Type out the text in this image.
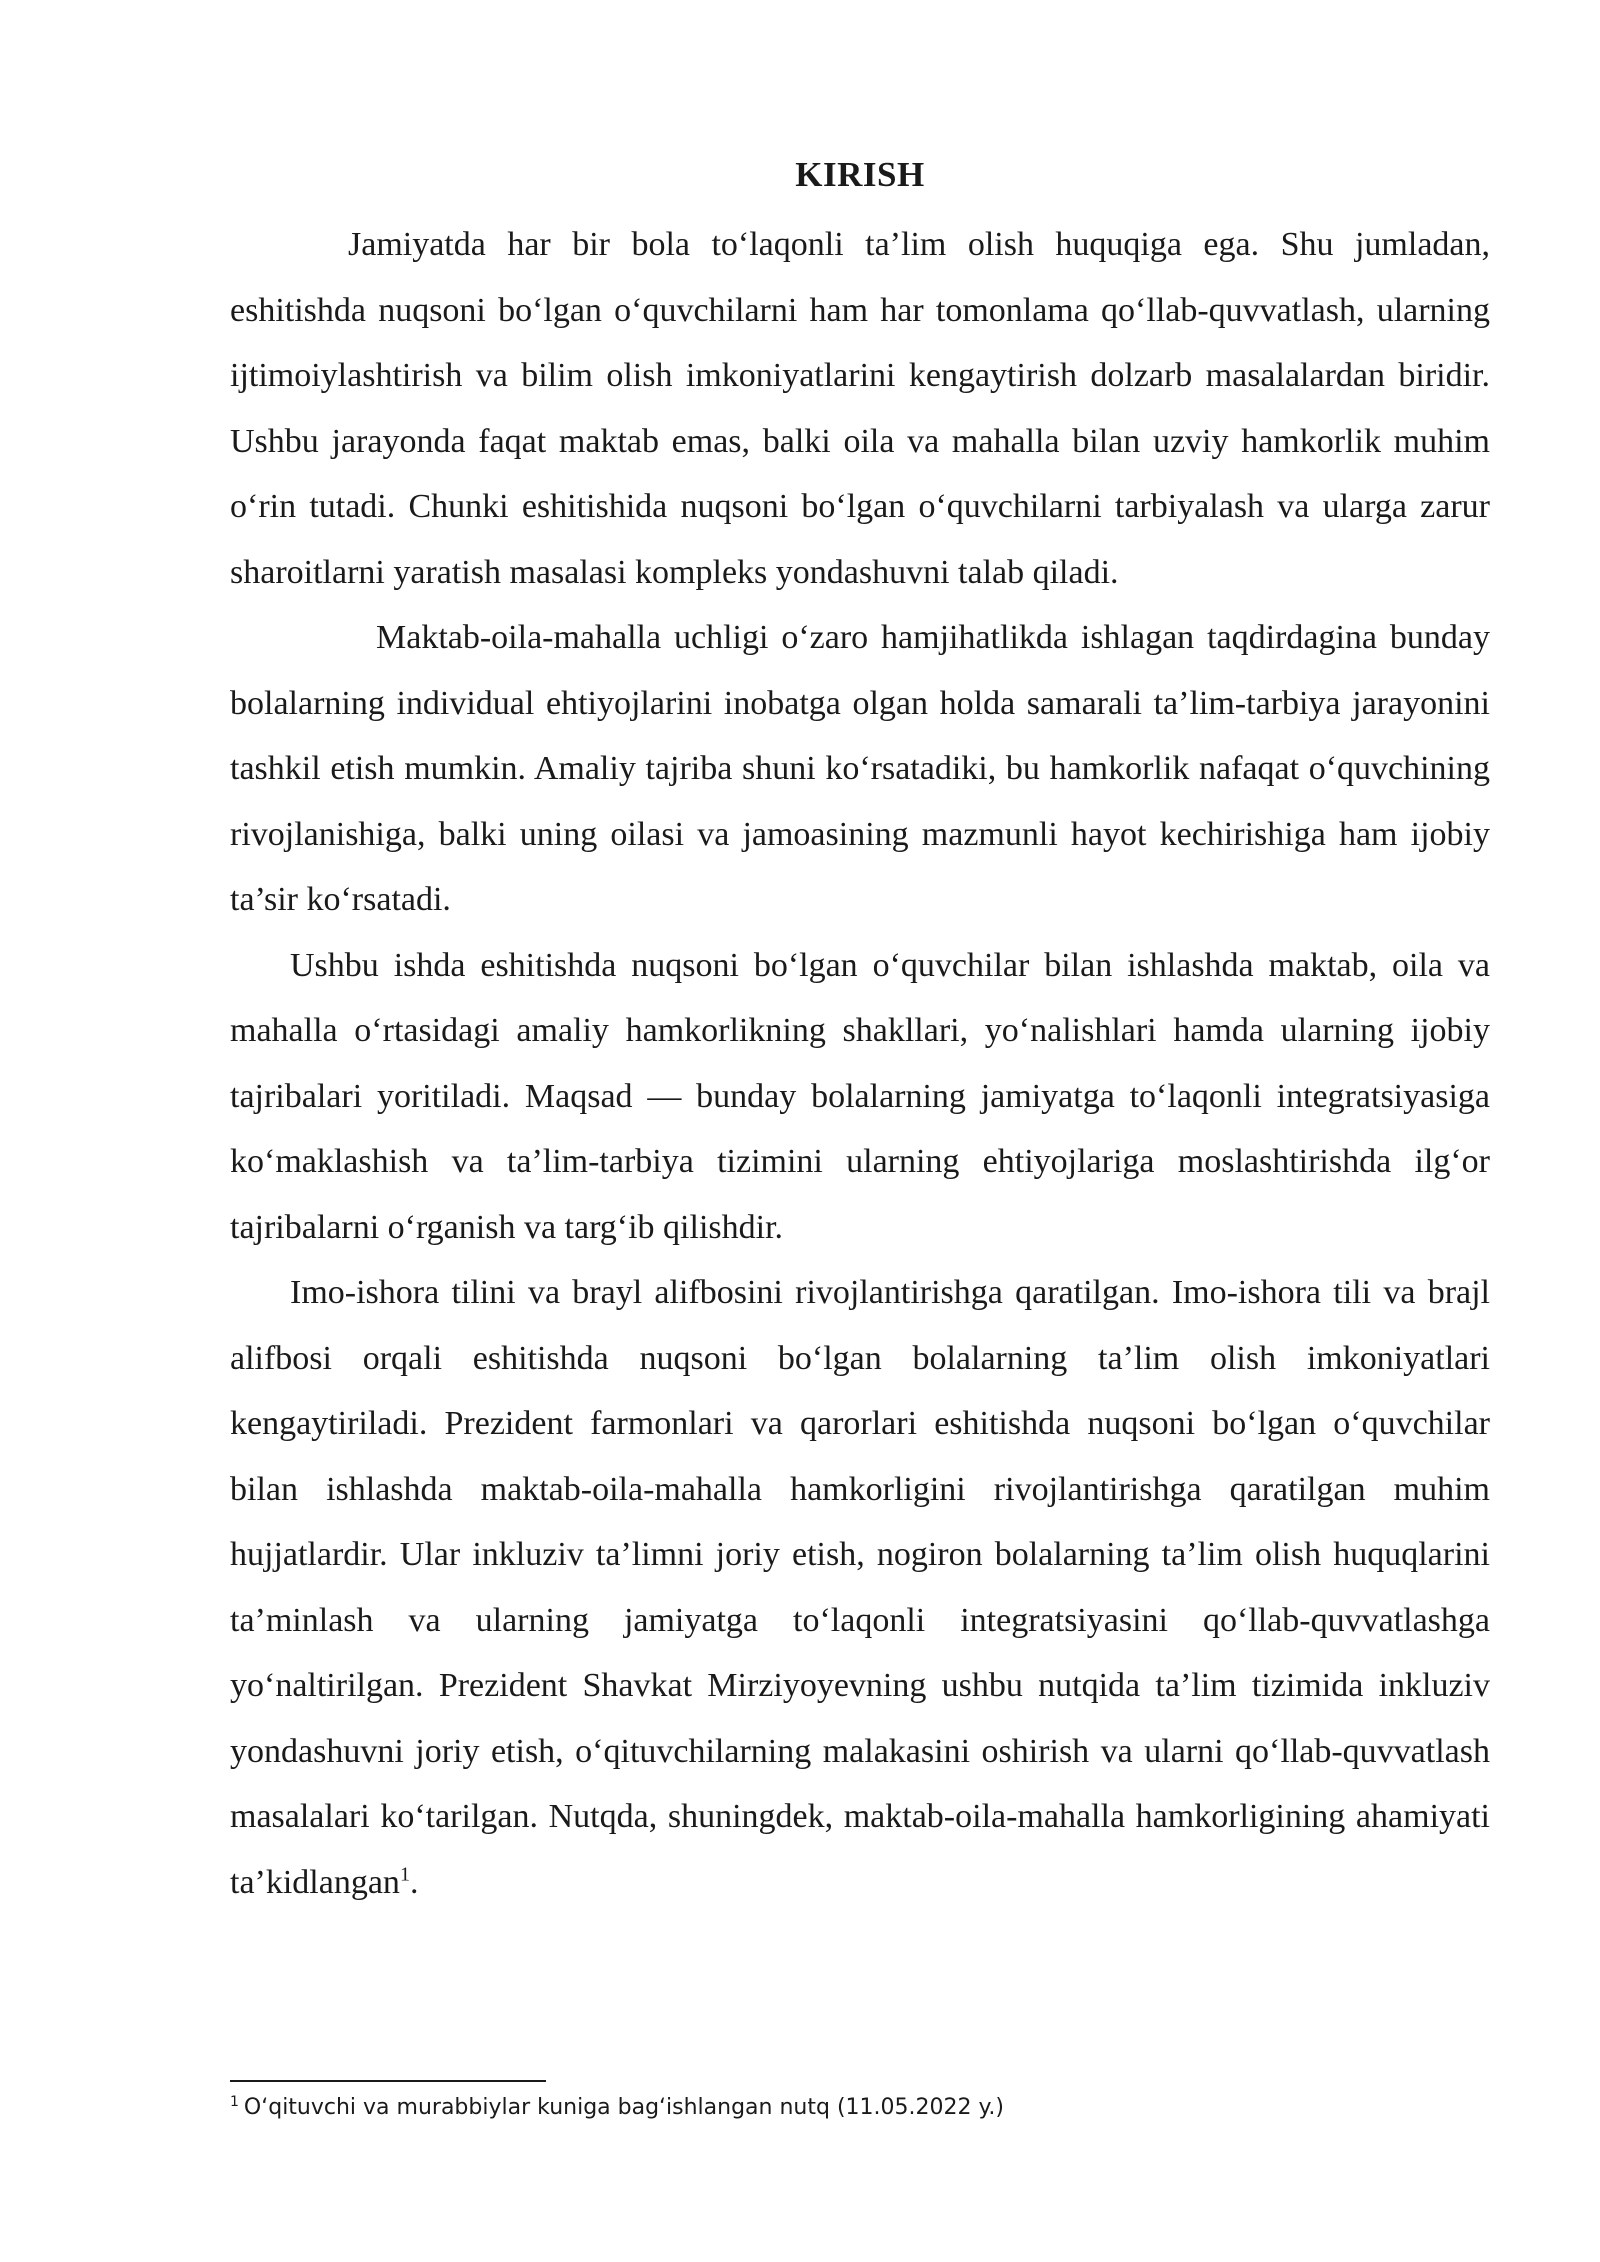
KIRISH

Jamiyatda har bir bola to‘laqonli ta’lim olish huquqiga ega. Shu jumladan, eshitishda nuqsoni bo‘lgan o‘quvchilarni ham har tomonlama qo‘llab-quvvatlash, ularning ijtimoiylashtirish va bilim olish imkoniyatlarini kengaytirish dolzarb masalalardan biridir. Ushbu jarayonda faqat maktab emas, balki oila va mahalla bilan uzviy hamkorlik muhim o‘rin tutadi. Chunki eshitishida nuqsoni bo‘lgan o‘quvchilarni tarbiyalash va ularga zarur sharoitlarni yaratish masalasi kompleks yondashuvni talab qiladi.

Maktab-oila-mahalla uchligi o‘zaro hamjihatlikda ishlagan taqdirdagina bunday bolalarning individual ehtiyojlarini inobatga olgan holda samarali ta’lim-tarbiya jarayonini tashkil etish mumkin. Amaliy tajriba shuni ko‘rsatadiki, bu hamkorlik nafaqat o‘quvchining rivojlanishiga, balki uning oilasi va jamoasining mazmunli hayot kechirishiga ham ijobiy ta’sir ko‘rsatadi.

Ushbu ishda eshitishda nuqsoni bo‘lgan o‘quvchilar bilan ishlashda maktab, oila va mahalla o‘rtasidagi amaliy hamkorlikning shakllari, yo‘nalishlari hamda ularning ijobiy tajribalari yoritiladi. Maqsad — bunday bolalarning jamiyatga to‘laqonli integratsiyasiga ko‘maklashish va ta’lim-tarbiya tizimini ularning ehtiyojlariga moslashtirishda ilg‘or tajribalarni o‘rganish va targ‘ib qilishdir.

Imo-ishora tilini va brayl alifbosini rivojlantirishga qaratilgan. Imo-ishora tili va brajl alifbosi orqali eshitishda nuqsoni bo‘lgan bolalarning ta’lim olish imkoniyatlari kengaytiriladi. Prezident farmonlari va qarorlari eshitishda nuqsoni bo‘lgan o‘quvchilar bilan ishlashda maktab-oila-mahalla hamkorligini rivojlantirishga qaratilgan muhim hujjatlardir. Ular inkluziv ta’limni joriy etish, nogiron bolalarning ta’lim olish huquqlarini ta’minlash va ularning jamiyatga to‘laqonli integratsiyasini qo‘llab-quvvatlashga yo‘naltirilgan. Prezident Shavkat Mirziyoyevning ushbu nutqida ta’lim tizimida inkluziv yondashuvni joriy etish, o‘qituvchilarning malakasini oshirish va ularni qo‘llab-quvvatlash masalalari ko‘tarilgan. Nutqda, shuningdek, maktab-oila-mahalla hamkorligining ahamiyati ta’kidlangan$^1$.

$^1$ O‘qituvchi va murabbiylar kuniga bag‘ishlangan nutq (11.05.2022 y.)
